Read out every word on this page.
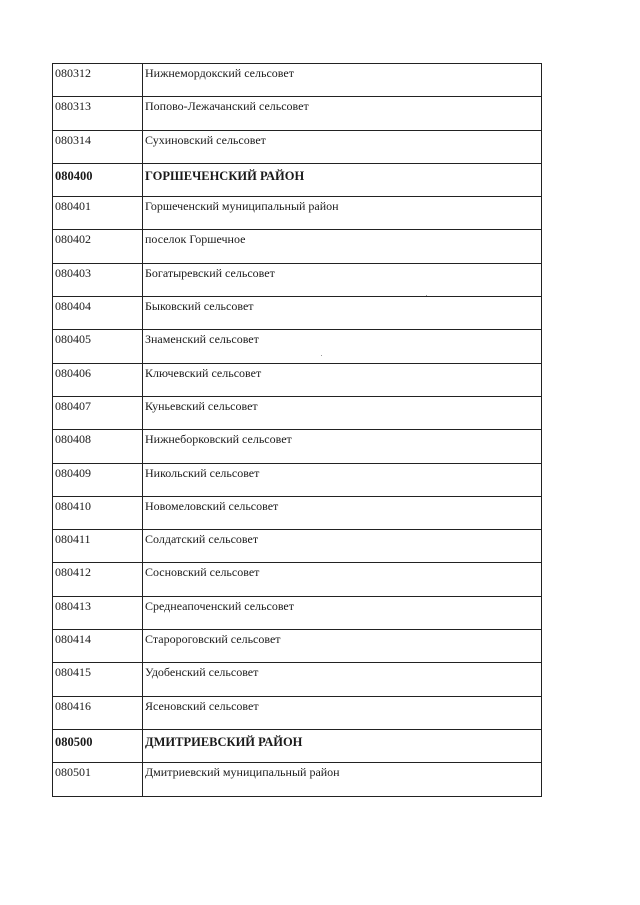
080312	Нижнемордокский сельсовет

080313	Попово-Лежачанский сельсовет

080314	Сухиновский сельсовет

080400	ГОРШЕЧЕНСКИЙ РАЙОН

080401	Горшеченский муниципальный район

080402	поселок Горшечное

080403	Богатыревский сельсовет

080404	Быковский сельсовет

080405	Знаменский сельсовет

080406	Ключевский сельсовет

080407	Куньевский сельсовет

080408	Нижнеборковский сельсовет

080409	Никольский сельсовет

080410	Новомеловский сельсовет

080411	Солдатский сельсовет

080412	Сосновский сельсовет

080413	Среднеапоченский сельсовет

080414	Старороговский сельсовет

080415	Удобенский сельсовет

080416	Ясеновский сельсовет

080500	ДМИТРИЕВСКИЙ РАЙОН

080501	Дмитриевский муниципальный район
